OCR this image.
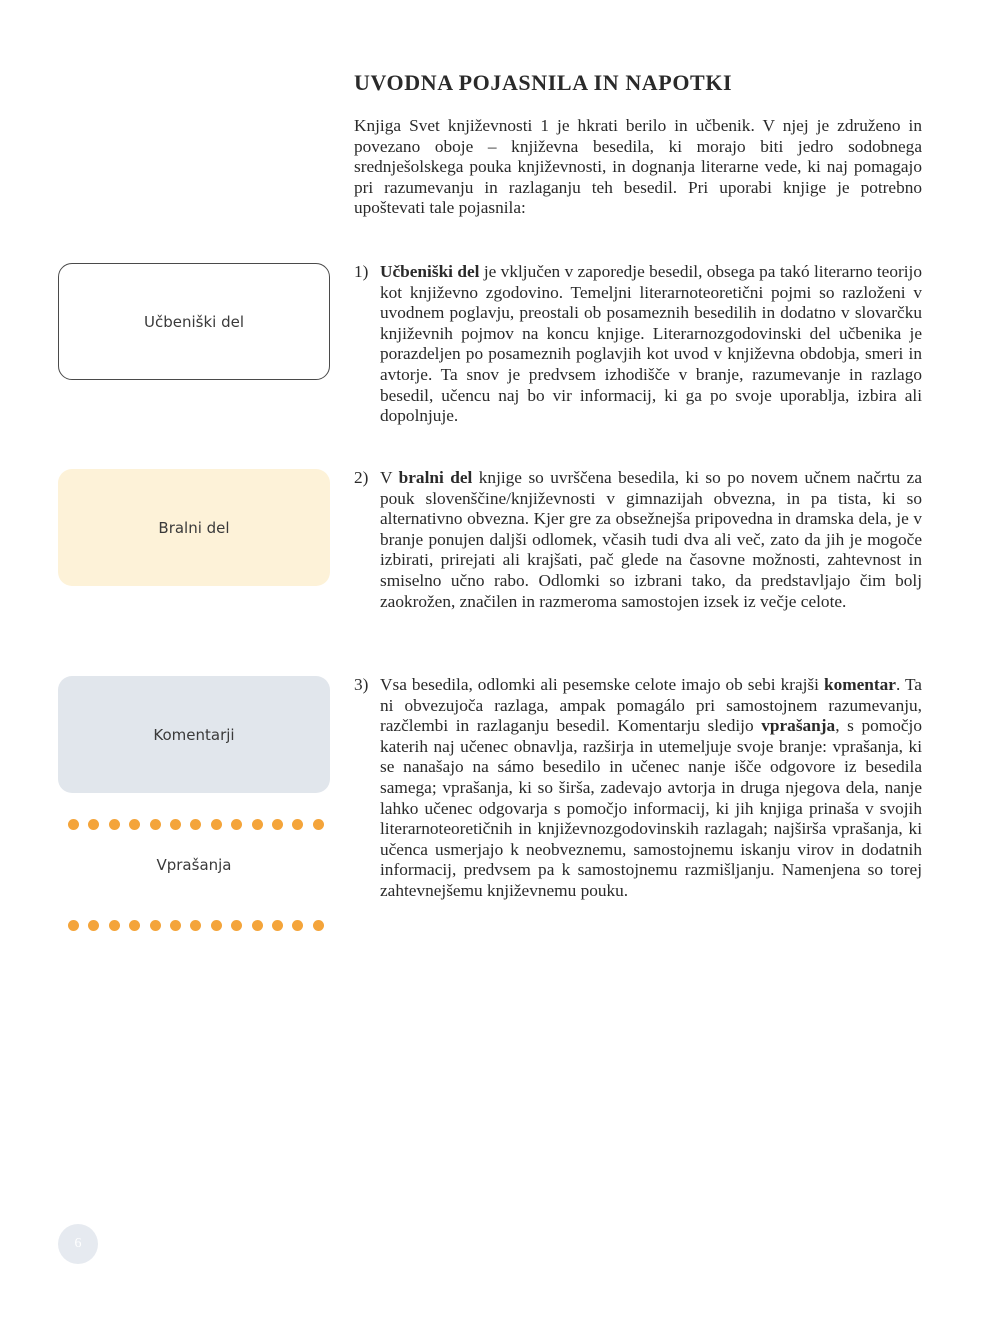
UVODNA POJASNILA IN NAPOTKI

Knjiga Svet književnosti 1 je hkrati berilo in učbenik. V njej je združeno in povezano oboje – književna besedila, ki morajo biti jedro sodobnega srednješolskega pouka književnosti, in dognanja literarne vede, ki naj pomagajo pri razumevanju in razlaganju teh besedil. Pri uporabi knjige je potrebno upoštevati tale pojasnila:

1) Učbeniški del je vključen v zaporedje besedil, obsega pa takó literarno teorijo kot književno zgodovino. Temeljni literarnoteoretični pojmi so razloženi v uvodnem poglavju, preostali ob posameznih besedilih in dodatno v slovarčku književnih pojmov na koncu knjige. Literarnozgodovinski del učbenika je porazdeljen po posameznih poglavjih kot uvod v književna obdobja, smeri in avtorje. Ta snov je predvsem izhodišče v branje, razumevanje in razlago besedil, učencu naj bo vir informacij, ki ga po svoje uporablja, izbira ali dopolnjuje.
2) V bralni del knjige so uvrščena besedila, ki so po novem učnem načrtu za pouk slovenščine/književnosti v gimnazijah obvezna, in pa tista, ki so alternativno obvezna. Kjer gre za obsežnejša pripovedna in dramska dela, je v branje ponujen daljši odlomek, včasih tudi dva ali več, zato da jih je mogoče izbirati, prirejati ali krajšati, pač glede na časovne možnosti, zahtevnost in smiselno učno rabo. Odlomki so izbrani tako, da predstavljajo čim bolj zaokrožen, značilen in razmeroma samostojen izsek iz večje celote.
3) Vsa besedila, odlomki ali pesemske celote imajo ob sebi krajši komentar. Ta ni obvezujoča razlaga, ampak pomagálo pri samostojnem razumevanju, razčlembi in razlaganju besedil. Komentarju sledijo vprašanja, s pomočjo katerih naj učenec obnavlja, razširja in utemeljuje svoje branje: vprašanja, ki se nanašajo na sámo besedilo in učenec nanje išče odgovore iz besedila samega; vprašanja, ki so širša, zadevajo avtorja in druga njegova dela, nanje lahko učenec odgovarja s pomočjo informacij, ki jih knjiga prinaša v svojih literarnoteoretičnih in književnozgodovinskih razlagah; najširša vprašanja, ki učenca usmerjajo k neobveznemu, samostojnemu iskanju virov in dodatnih informacij, predvsem pa k samostojnemu razmišljanju. Namenjena so torej zahtevnejšemu književnemu pouku.
Učbeniški del
Bralni del
Komentarji
Vprašanja
6
